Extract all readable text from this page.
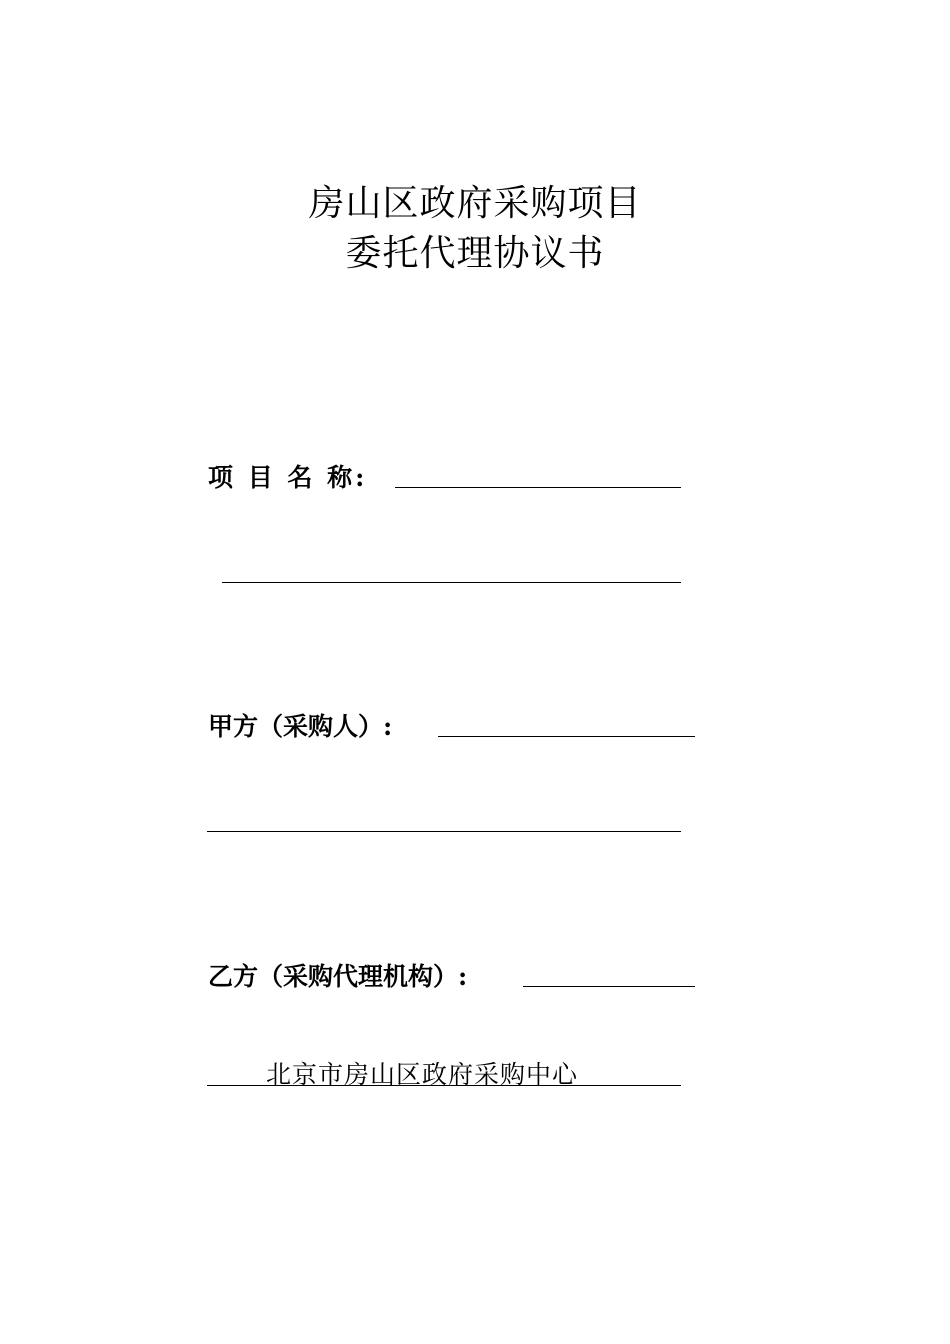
房山区政府采购项目
委托代理协议书
项 目 名 称:
甲方（采购人）:
乙方（采购代理机构）:
北京市房山区政府采购中心
